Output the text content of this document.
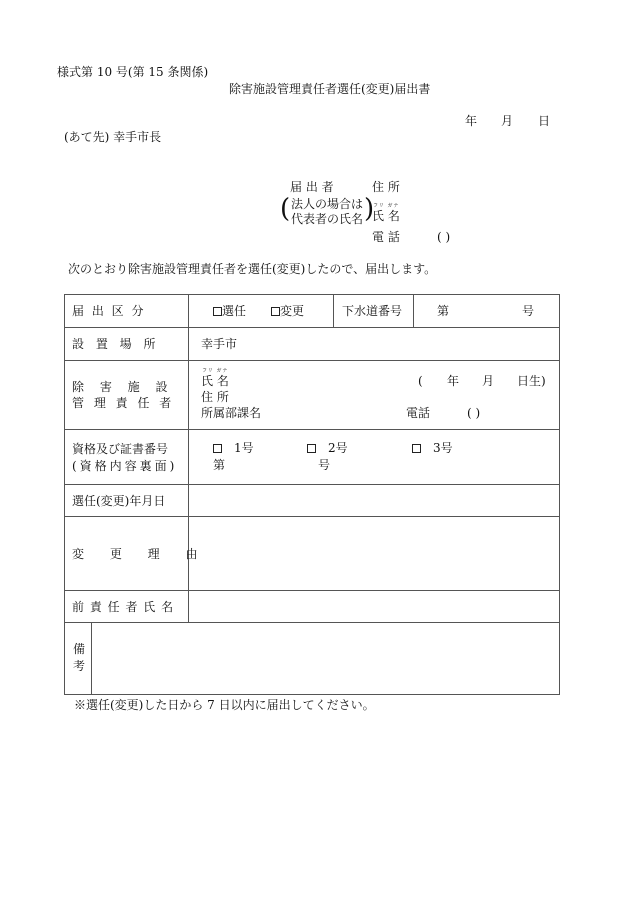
様式第 10 号(第 15 条関係)
除害施設管理責任者選任(変更)届出書
年 月 日
(あて先) 幸手市長
届 出 者	住 所
( 法人の場合は
代表者の氏名 )
フリ ガナ
氏 名
電 話	( )
次のとおり除害施設管理責任者を選任(変更)したので、届出します。
届 出 区 分	選任	変更	下水道番号	第	号
設 置 場 所	幸手市
除 害 施 設
管 理 責 任 者
フリ ガナ
氏 名	( 年 月 日生)
住 所
所属部課名	電話	( )
資格及び証書番号
(資格内容裏面)
1号	2号	3号
第	号
選任(変更)年月日
変 更 理 由
前 責 任 者 氏 名
備
考
※選任(変更)した日から 7 日以内に届出してください。
